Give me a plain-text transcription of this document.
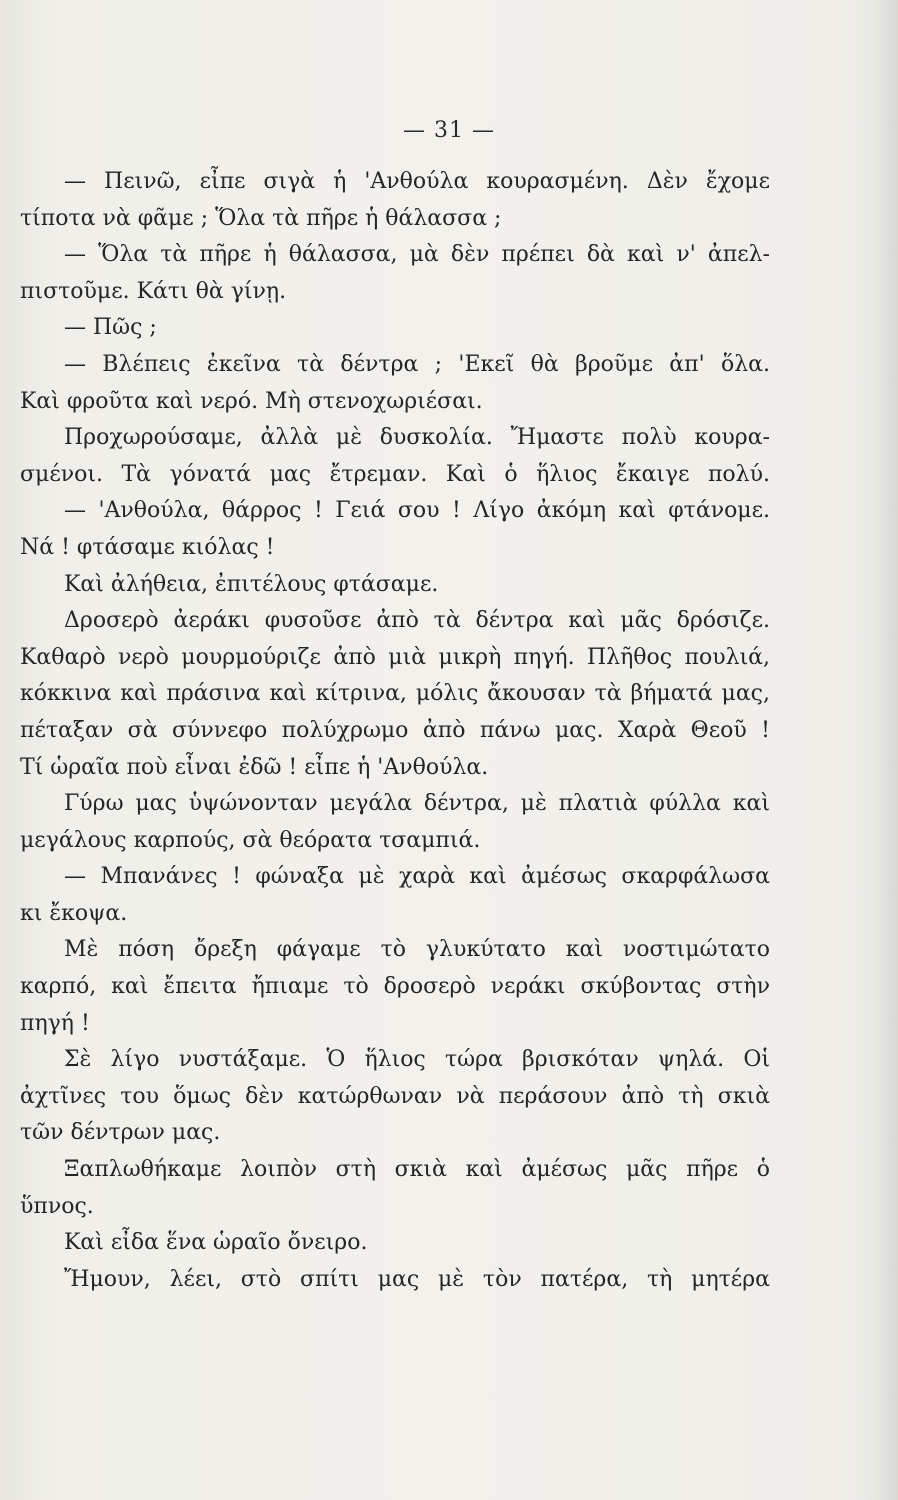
— 31 —
— Πεινῶ, εἶπε σιγὰ ἡ 'Ανθούλα κουρασμένη. Δὲν ἔχομε
τίποτα νὰ φᾶμε ; Ὅλα τὰ πῆρε ἡ θάλασσα ;
— Ὅλα τὰ πῆρε ἡ θάλασσα, μὰ δὲν πρέπει δὰ καὶ ν' ἀπελ-
πιστοῦμε. Κάτι θὰ γίνῃ.
— Πῶς ;
— Βλέπεις ἐκεῖνα τὰ δέντρα ; 'Εκεῖ θὰ βροῦμε ἀπ' ὅλα.
Καὶ φροῦτα καὶ νερό. Μὴ στενοχωριέσαι.
Προχωρούσαμε, ἀλλὰ μὲ δυσκολία. Ἤμαστε πολὺ κουρα-
σμένοι. Τὰ γόνατά μας ἔτρεμαν. Καὶ ὁ ἥλιος ἔκαιγε πολύ.
— 'Ανθούλα, θάρρος ! Γειά σου ! Λίγο ἀκόμη καὶ φτάνομε.
Νά ! φτάσαμε κιόλας !
Καὶ ἀλήθεια, ἐπιτέλους φτάσαμε.
Δροσερὸ ἀεράκι φυσοῦσε ἀπὸ τὰ δέντρα καὶ μᾶς δρόσιζε.
Καθαρὸ νερὸ μουρμούριζε ἀπὸ μιὰ μικρὴ πηγή. Πλῆθος πουλιά,
κόκκινα καὶ πράσινα καὶ κίτρινα, μόλις ἄκουσαν τὰ βήματά μας,
πέταξαν σὰ σύννεφο πολύχρωμο ἀπὸ πάνω μας. Χαρὰ Θεοῦ !
Τί ὡραῖα ποὺ εἶναι ἐδῶ ! εἶπε ἡ 'Ανθούλα.
Γύρω μας ὑψώνονταν μεγάλα δέντρα, μὲ πλατιὰ φύλλα καὶ
μεγάλους καρπούς, σὰ θεόρατα τσαμπιά.
— Μπανάνες ! φώναξα μὲ χαρὰ καὶ ἀμέσως σκαρφάλωσα
κι ἔκοψα.
Μὲ πόση ὄρεξη φάγαμε τὸ γλυκύτατο καὶ νοστιμώτατο
καρπό, καὶ ἔπειτα ἤπιαμε τὸ δροσερὸ νεράκι σκύβοντας στὴν
πηγή !
Σὲ λίγο νυστάξαμε. Ὁ ἥλιος τώρα βρισκόταν ψηλά. Οἱ
ἀχτῖνες του ὅμως δὲν κατώρθωναν νὰ περάσουν ἀπὸ τὴ σκιὰ
τῶν δέντρων μας.
Ξαπλωθήκαμε λοιπὸν στὴ σκιὰ καὶ ἀμέσως μᾶς πῆρε ὁ
ὕπνος.
Καὶ εἶδα ἕνα ὡραῖο ὄνειρο.
Ἤμουν, λέει, στὸ σπίτι μας μὲ τὸν πατέρα, τὴ μητέρα
